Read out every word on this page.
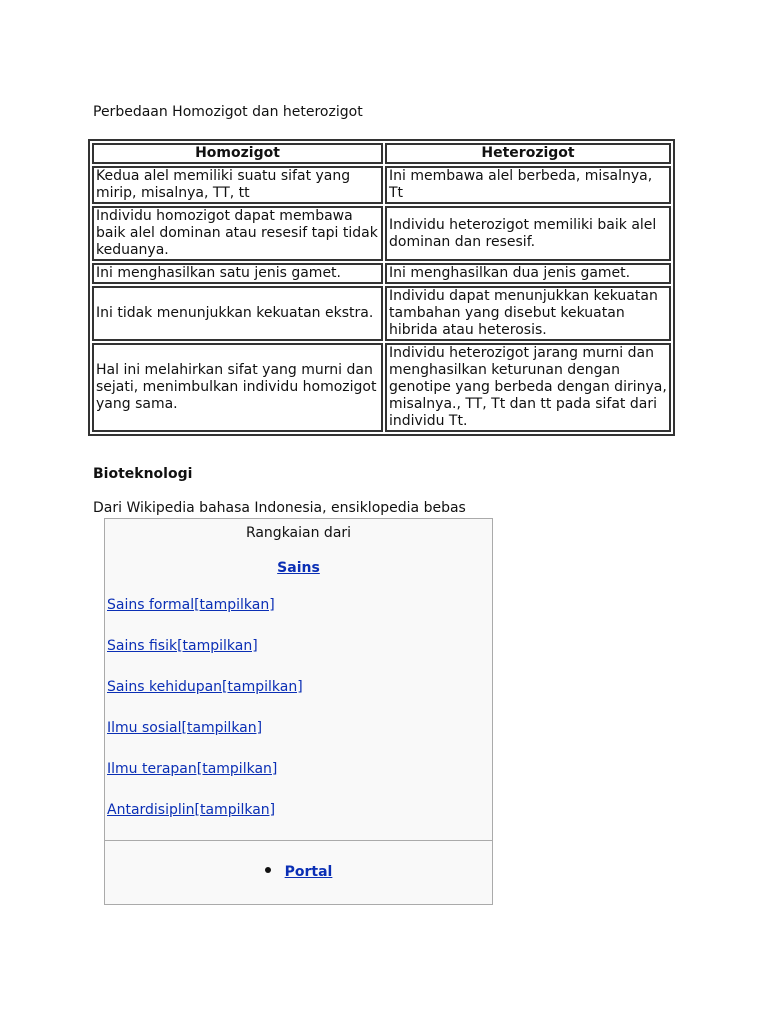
Perbedaan Homozigot dan heterozigot
Homozigot	Heterozigot
Kedua alel memiliki suatu sifat yang mirip, misalnya, TT, tt	Ini membawa alel berbeda, misalnya, Tt
Individu homozigot dapat membawa baik alel dominan atau resesif tapi tidak keduanya.	Individu heterozigot memiliki baik alel dominan dan resesif.
Ini menghasilkan satu jenis gamet.	Ini menghasilkan dua jenis gamet.
Ini tidak menunjukkan kekuatan ekstra.	Individu dapat menunjukkan kekuatan tambahan yang disebut kekuatan hibrida atau heterosis.
Hal ini melahirkan sifat yang murni dan sejati, menimbulkan individu homozigot yang sama.	Individu heterozigot jarang murni dan menghasilkan keturunan dengan genotipe yang berbeda dengan dirinya, misalnya., TT, Tt dan tt pada sifat dari individu Tt.
Bioteknologi
Dari Wikipedia bahasa Indonesia, ensiklopedia bebas
Rangkaian dari
Sains
Sains formal[tampilkan]
Sains fisik[tampilkan]
Sains kehidupan[tampilkan]
Ilmu sosial[tampilkan]
Ilmu terapan[tampilkan]
Antardisiplin[tampilkan]
Portal
